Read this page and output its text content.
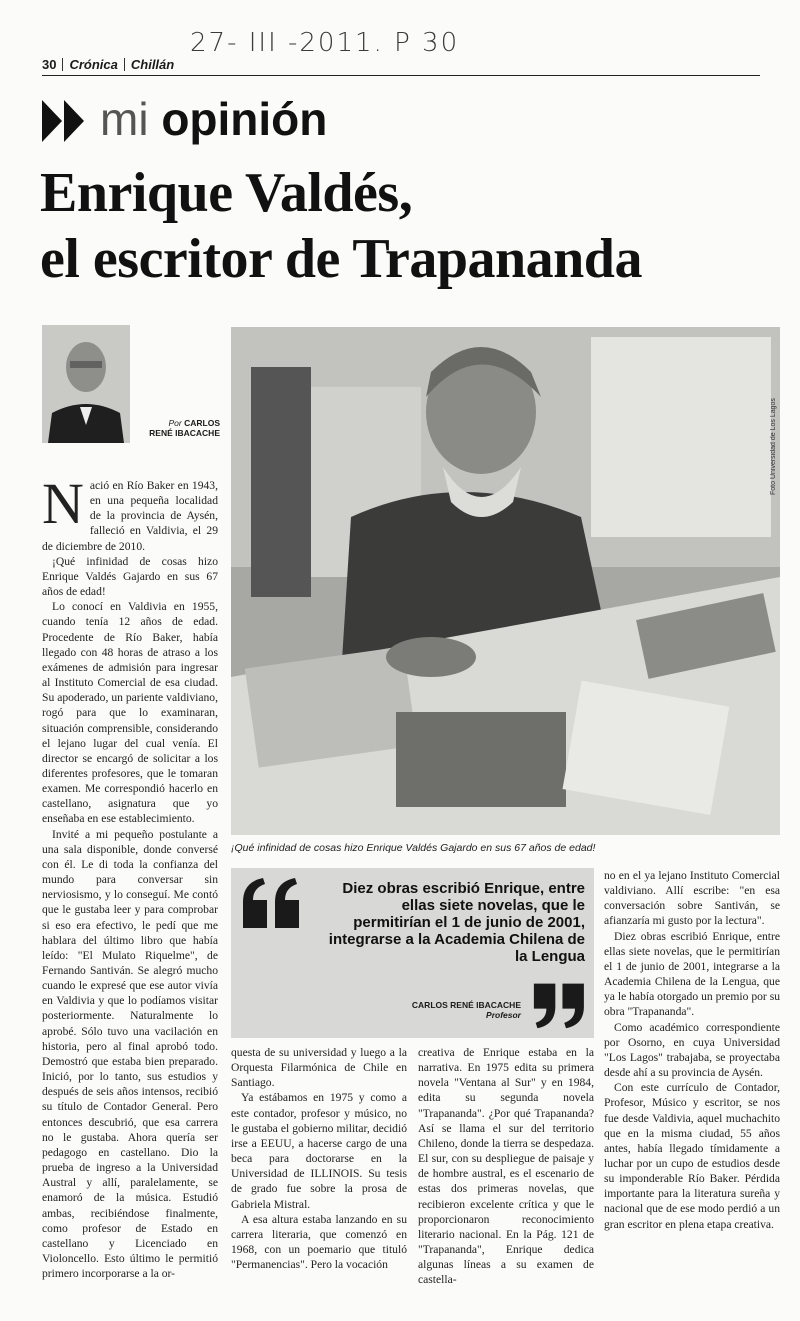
27- III -2011. P 30
30 Crónica Chillán
mi opinión
Enrique Valdés,
el escritor de Trapananda
Por CARLOS
RENÉ IBACACHE	Foto Universidad de Los Lagos
¡Qué infinidad de cosas hizo Enrique Valdés Gajardo en sus 67 años de edad!

Nació en Río Baker en 1943, en una pequeña localidad de la provincia de Aysén, falleció en Valdivia, el 29 de diciembre de 2010.

¡Qué infinidad de cosas hizo Enrique Valdés Gajardo en sus 67 años de edad!

Lo conocí en Valdivia en 1955, cuando tenía 12 años de edad. Procedente de Río Baker, había llegado con 48 horas de atraso a los exámenes de admisión para ingresar al Instituto Comercial de esa ciudad. Su apoderado, un pariente valdiviano, rogó para que lo examinaran, situación comprensible, considerando el lejano lugar del cual venía. El director se encargó de solicitar a los diferentes profesores, que le tomaran examen. Me correspondió hacerlo en castellano, asignatura que yo enseñaba en ese establecimiento.

Invité a mi pequeño postulante a una sala disponible, donde conversé con él. Le di toda la confianza del mundo para conversar sin nerviosismo, y lo conseguí. Me contó que le gustaba leer y para comprobar si eso era efectivo, le pedí que me hablara del último libro que había leído: "El Mulato Riquelme", de Fernando Santiván. Se alegró mucho cuando le expresé que ese autor vivía en Valdivia y que lo podíamos visitar posteriormente. Naturalmente lo aprobé. Sólo tuvo una vacilación en historia, pero al final aprobó todo. Demostró que estaba bien preparado. Inició, por lo tanto, sus estudios y después de seis años intensos, recibió su título de Contador General. Pero entonces descubrió, que esa carrera no le gustaba. Ahora quería ser pedagogo en castellano. Dio la prueba de ingreso a la Universidad Austral y allí, paralelamente, se enamoró de la música. Estudió ambas, recibiéndose finalmente, como profesor de Estado en castellano y Licenciado en Violoncello. Esto último le permitió primero incorporarse a la or-

Diez obras escribió Enrique, entre ellas siete novelas, que le permitirían el 1 de junio de 2001, integrarse a la Academia Chilena de la Lengua
CARLOS RENÉ IBACACHE
Profesor

questa de su universidad y luego a la Orquesta Filarmónica de Chile en Santiago.

Ya estábamos en 1975 y como a este contador, profesor y músico, no le gustaba el gobierno militar, decidió irse a EEUU, a hacerse cargo de una beca para doctorarse en la Universidad de ILLINOIS. Su tesis de grado fue sobre la prosa de Gabriela Mistral.

A esa altura estaba lanzando en su carrera literaria, que comenzó en 1968, con un poemario que tituló "Permanencias". Pero la vocación

creativa de Enrique estaba en la narrativa. En 1975 edita su primera novela "Ventana al Sur" y en 1984, edita su segunda novela "Trapananda". ¿Por qué Trapananda? Así se llama el sur del territorio Chileno, donde la tierra se despedaza. El sur, con su despliegue de paisaje y de hombre austral, es el escenario de estas dos primeras novelas, que recibieron excelente crítica y que le proporcionaron reconocimiento literario nacional. En la Pág. 121 de "Trapananda", Enrique dedica algunas líneas a su examen de castella-

no en el ya lejano Instituto Comercial valdiviano. Allí escribe: "en esa conversación sobre Santiván, se afianzaría mi gusto por la lectura".

Diez obras escribió Enrique, entre ellas siete novelas, que le permitirían el 1 de junio de 2001, integrarse a la Academia Chilena de la Lengua, que ya le había otorgado un premio por su obra "Trapananda".

Como académico correspondiente por Osorno, en cuya Universidad "Los Lagos" trabajaba, se proyectaba desde ahí a su provincia de Aysén.

Con este currículo de Contador, Profesor, Músico y escritor, se nos fue desde Valdivia, aquel muchachito que en la misma ciudad, 55 años antes, había llegado tímidamente a luchar por un cupo de estudios desde su imponderable Río Baker. Pérdida importante para la literatura sureña y nacional que de ese modo perdió a un gran escritor en plena etapa creativa.
